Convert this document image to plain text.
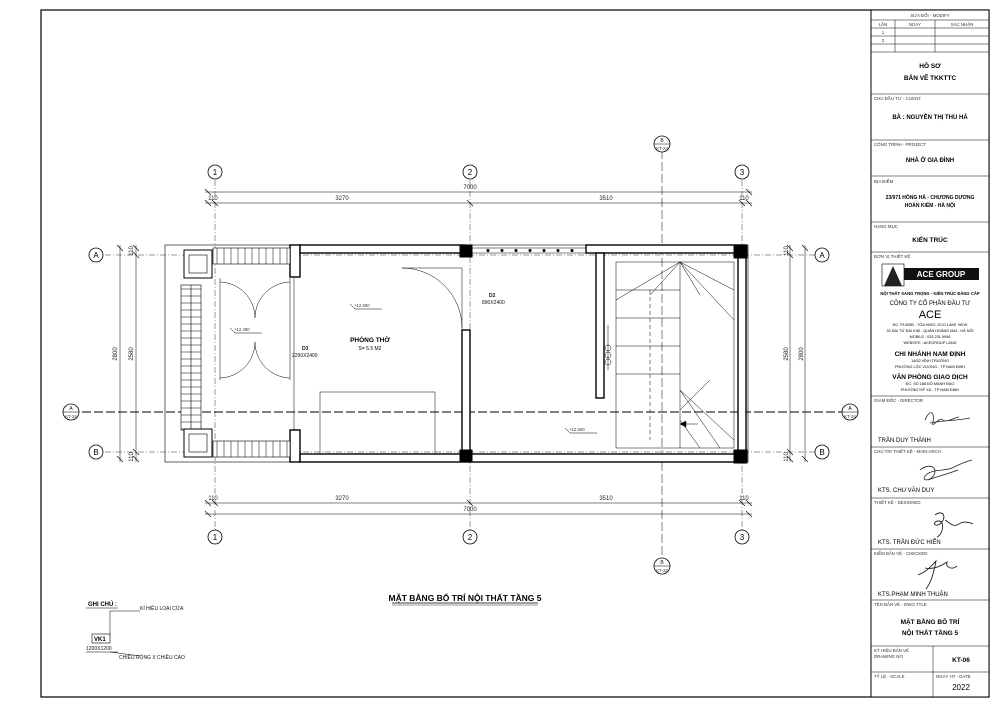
1	2	3
1	2	3
A
B
A
B
B
KT-23
B
KT-23
A
KT-24
A
KT-24
110	3270	3510	110
7000
110	3270	3510	110
7000
110
2580
110
2800
110
2580
110
2800
PHÒNG THỜ
S= 5.5 M2
D3
2290X2400
D2
890X2400
+12.480
+12.500
+12.500
MẶT BẰNG BỐ TRÍ NỘI THẤT TẦNG 5
GHI CHÚ :
KÍ HIỆU LOẠI CỬA
VK1
1200X1200
CHIỀU RỘNG X CHIỀU CAO
SỬA ĐỔI - MODIFY
LẦN	NGÀY	XÁC NHẬN
1
2
HỒ SƠ
BẢN VẼ TKKTTC
CHỦ ĐẦU TƯ - CLIENT
BÀ : NGUYỄN THỊ THU HÀ
CÔNG TRÌNH - PROJECT
NHÀ Ở GIA ĐÌNH
ĐỊA ĐIỂM
23/971 HỒNG HÀ - CHƯƠNG DƯƠNG
HOÀN KIẾM - HÀ NỘI
HẠNG MỤC
KIẾN TRÚC
ĐƠN VỊ THIẾT KẾ
ACE GROUP
NỘI THẤT SANG TRỌNG - KIẾN TRÚC ĐẲNG CẤP
CÔNG TY CỔ PHẦN ĐẦU TƯ
ACE
ĐC: P1305B - TÒA HH02, ECO LAKE VIEW
32 ĐẠI TỪ ĐẠI KIM - QUẬN HOÀNG MAI - HÀ NỘI
MOBILE : 033 231 9096
WEBSITE : ACEGROUP LAND
CHI NHÁNH NAM ĐỊNH
14/52 VĨNH TRƯỜNG
PHƯỜNG LỘC VƯỢNG - TP NAM ĐỊNH
VĂN PHÒNG GIAO DỊCH
ĐC: SỐ 188 ĐỖ MẠNH ĐẠO
PHƯỜNG MỸ XÁ - TP NAM ĐỊNH
GIÁM ĐỐC - DIRECTOR
TRẦN DUY THÀNH
CHỦ TRÌ THIẾT KẾ - MAIN ARCH
KTS. CHU VĂN DUY
THIẾT KẾ - DESIGNED
KTS. TRẦN ĐỨC HIỂN
KIỂM BẢN VẼ - CHECKED
KTS.PHẠM MINH THUẬN
TÊN BẢN VẼ - DWG.TTLE
MẶT BẰNG BỐ TRÍ
NỘI THẤT TẦNG 5
KÝ HIỆU BẢN VẼ
DRAWING NO
KT-06
TỶ LỆ - SCALE	NGÀY HT - DATE
2022
